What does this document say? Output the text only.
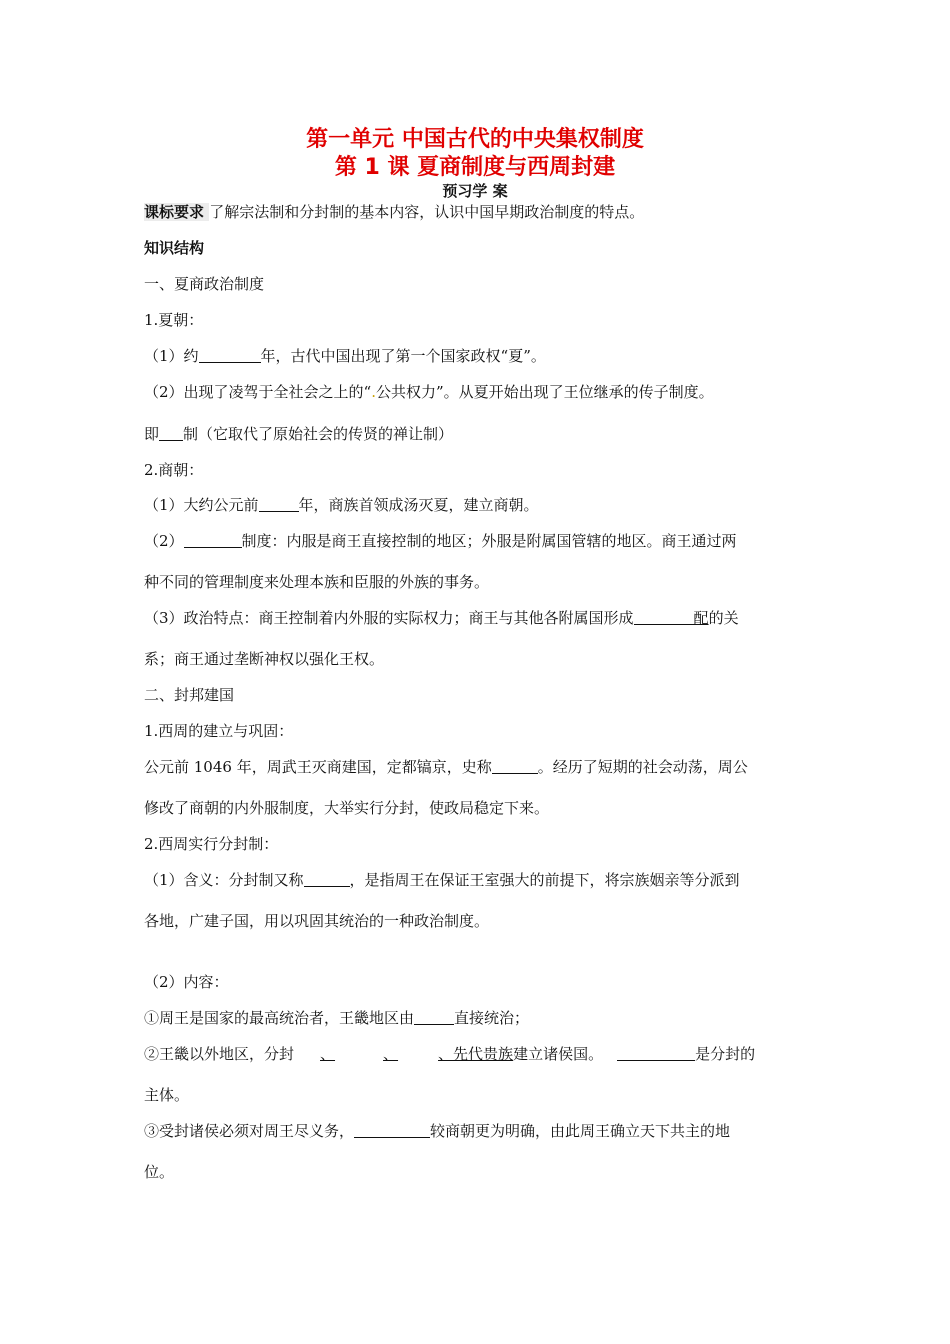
第一单元 中国古代的中央集权制度
第 1 课 夏商制度与西周封建
预习学 案
课标要求 了解宗法制和分封制的基本内容，认识中国早期政治制度的特点。
知识结构
一、夏商政治制度
1.夏朝：
（1）约	年，古代中国出现了第一个国家政权“夏”。
（2）出现了凌驾于全社会之上的“.公共权力”。从夏开始出现了王位继承的传子制度。
即 制（它取代了原始社会的传贤的禅让制）
2.商朝：
（1）大约公元前	年，商族首领成汤灭夏，建立商朝。
（2）	制度：内服是商王直接控制的地区；外服是附属国管辖的地区。商王通过两
种不同的管理制度来处理本族和臣服的外族的事务。
（3）政治特点：商王控制着内外服的实际权力；商王与其他各附属国形成	配的关
系；商王通过垄断神权以强化王权。
二、封邦建国
1.西周的建立与巩固：
公元前 1046 年，周武王灭商建国，定都镐京，史称	。经历了短期的社会动荡，周公
修改了商朝的内外服制度，大举实行分封，使政局稳定下来。
2.西周实行分封制：
（1）含义：分封制又称	，是指周王在保证王室强大的前提下，将宗族姻亲等分派到
各地，广建子国，用以巩固其统治的一种政治制度。
（2）内容：
①周王是国家的最高统治者，王畿地区由	直接统治；
②王畿以外地区，分封 、	、	、先代贵族建立诸侯国。	是分封的
主体。
③受封诸侯必须对周王尽义务，	较商朝更为明确，由此周王确立天下共主的地
位。
